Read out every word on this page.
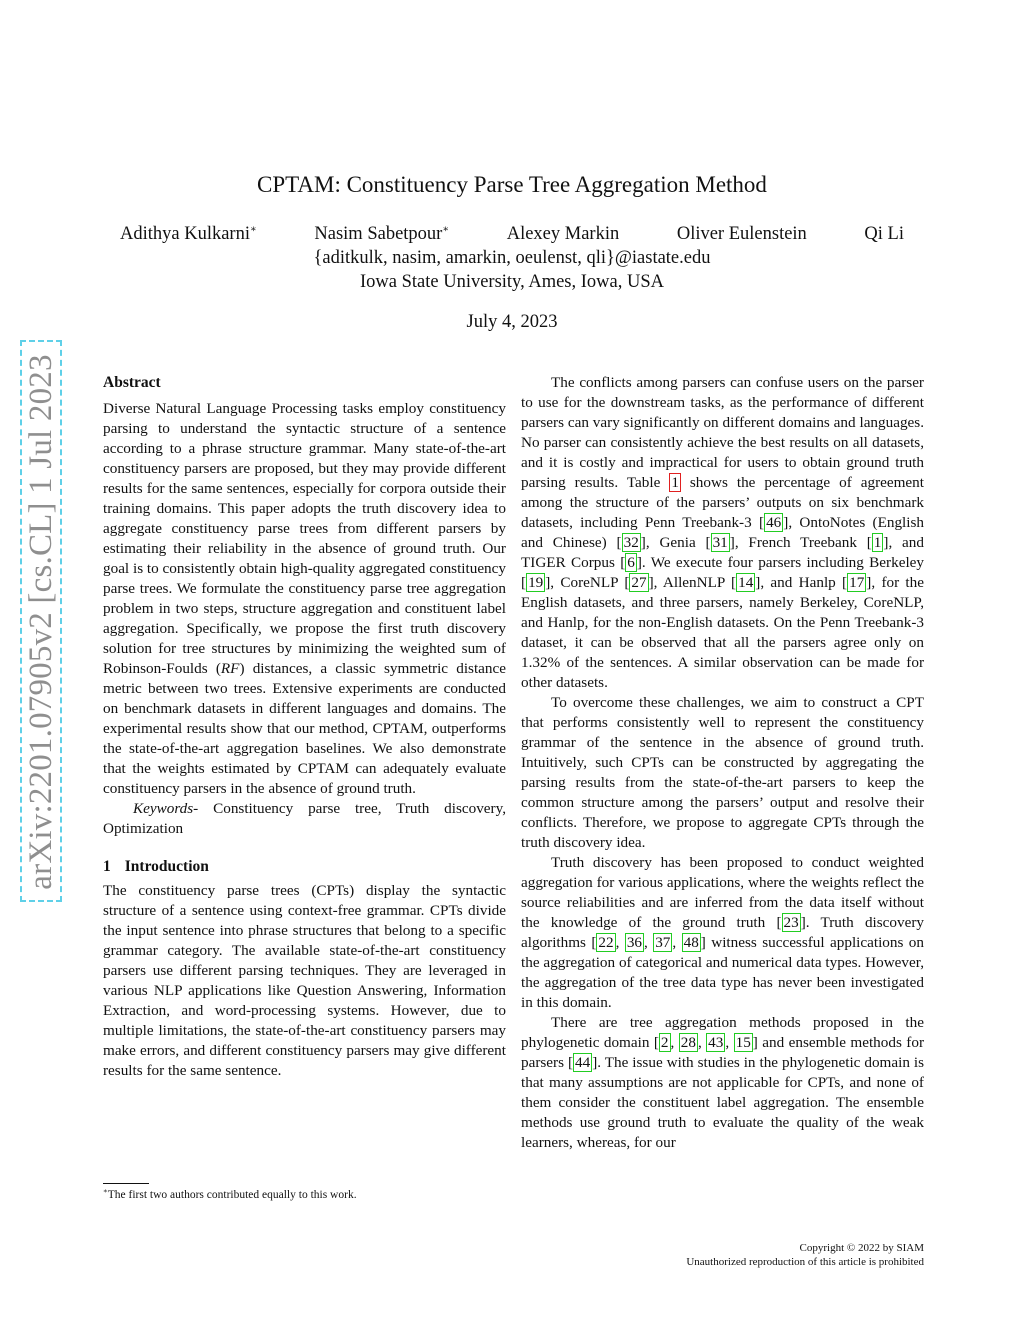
arXiv:2201.07905v2 [cs.CL] 1 Jul 2023
CPTAM: Constituency Parse Tree Aggregation Method
Adithya Kulkarni∗	Nasim Sabetpour∗	Alexey Markin	Oliver Eulenstein	Qi Li
{aditkulk, nasim, amarkin, oeulenst, qli}@iastate.edu
Iowa State University, Ames, Iowa, USA
July 4, 2023
Abstract

Diverse Natural Language Processing tasks employ constituency parsing to understand the syntactic structure of a sentence according to a phrase structure grammar. Many state-of-the-art constituency parsers are proposed, but they may provide different results for the same sentences, especially for corpora outside their training domains. This paper adopts the truth discovery idea to aggregate constituency parse trees from different parsers by estimating their reliability in the absence of ground truth. Our goal is to consistently obtain high-quality aggregated constituency parse trees. We formulate the constituency parse tree aggregation problem in two steps, structure aggregation and constituent label aggregation. Specifically, we propose the first truth discovery solution for tree structures by minimizing the weighted sum of Robinson-Foulds (RF) distances, a classic symmetric distance metric between two trees. Extensive experiments are conducted on benchmark datasets in different languages and domains. The experimental results show that our method, CPTAM, outperforms the state-of-the-art aggregation baselines. We also demonstrate that the weights estimated by CPTAM can adequately evaluate constituency parsers in the absence of ground truth.

Keywords- Constituency parse tree, Truth discovery, Optimization

1 Introduction

The constituency parse trees (CPTs) display the syntactic structure of a sentence using context-free grammar. CPTs divide the input sentence into phrase structures that belong to a specific grammar category. The available state-of-the-art constituency parsers use different parsing techniques. They are leveraged in various NLP applications like Question Answering, Information Extraction, and word-processing systems. However, due to multiple limitations, the state-of-the-art constituency parsers may make errors, and different constituency parsers may give different results for the same sentence.

The conflicts among parsers can confuse users on the parser to use for the downstream tasks, as the performance of different parsers can vary significantly on different domains and languages. No parser can consistently achieve the best results on all datasets, and it is costly and impractical for users to obtain ground truth parsing results. Table 1 shows the percentage of agreement among the structure of the parsers’ outputs on six benchmark datasets, including Penn Treebank-3 [ 46 ], OntoNotes (English and Chinese) [ 32 ], Genia [ 31 ], French Treebank [ 1 ], and TIGER Corpus [ 6 ]. We execute four parsers including Berkeley [ 19 ], CoreNLP [ 27 ], AllenNLP [ 14 ], and Hanlp [ 17 ], for the English datasets, and three parsers, namely Berkeley, CoreNLP, and Hanlp, for the non-English datasets. On the Penn Treebank-3 dataset, it can be observed that all the parsers agree only on 1.32% of the sentences. A similar observation can be made for other datasets.

To overcome these challenges, we aim to construct a CPT that performs consistently well to represent the constituency grammar of the sentence in the absence of ground truth. Intuitively, such CPTs can be constructed by aggregating the parsing results from the state-of-the-art parsers to keep the common structure among the parsers’ output and resolve their conflicts. Therefore, we propose to aggregate CPTs through the truth discovery idea.

Truth discovery has been proposed to conduct weighted aggregation for various applications, where the weights reflect the source reliabilities and are inferred from the data itself without the knowledge of the ground truth [ 23 ]. Truth discovery algorithms [ 22 , 36 , 37 , 48 ] witness successful applications on the aggregation of categorical and numerical data types. However, the aggregation of the tree data type has never been investigated in this domain.

There are tree aggregation methods proposed in the phylogenetic domain [ 2 , 28 , 43 , 15 ] and ensemble methods for parsers [ 44 ]. The issue with studies in the phylogenetic domain is that many assumptions are not applicable for CPTs, and none of them consider the constituent label aggregation. The ensemble methods use ground truth to evaluate the quality of the weak learners, whereas, for our

∗The first two authors contributed equally to this work.
Copyright © 2022 by SIAM
Unauthorized reproduction of this article is prohibited
